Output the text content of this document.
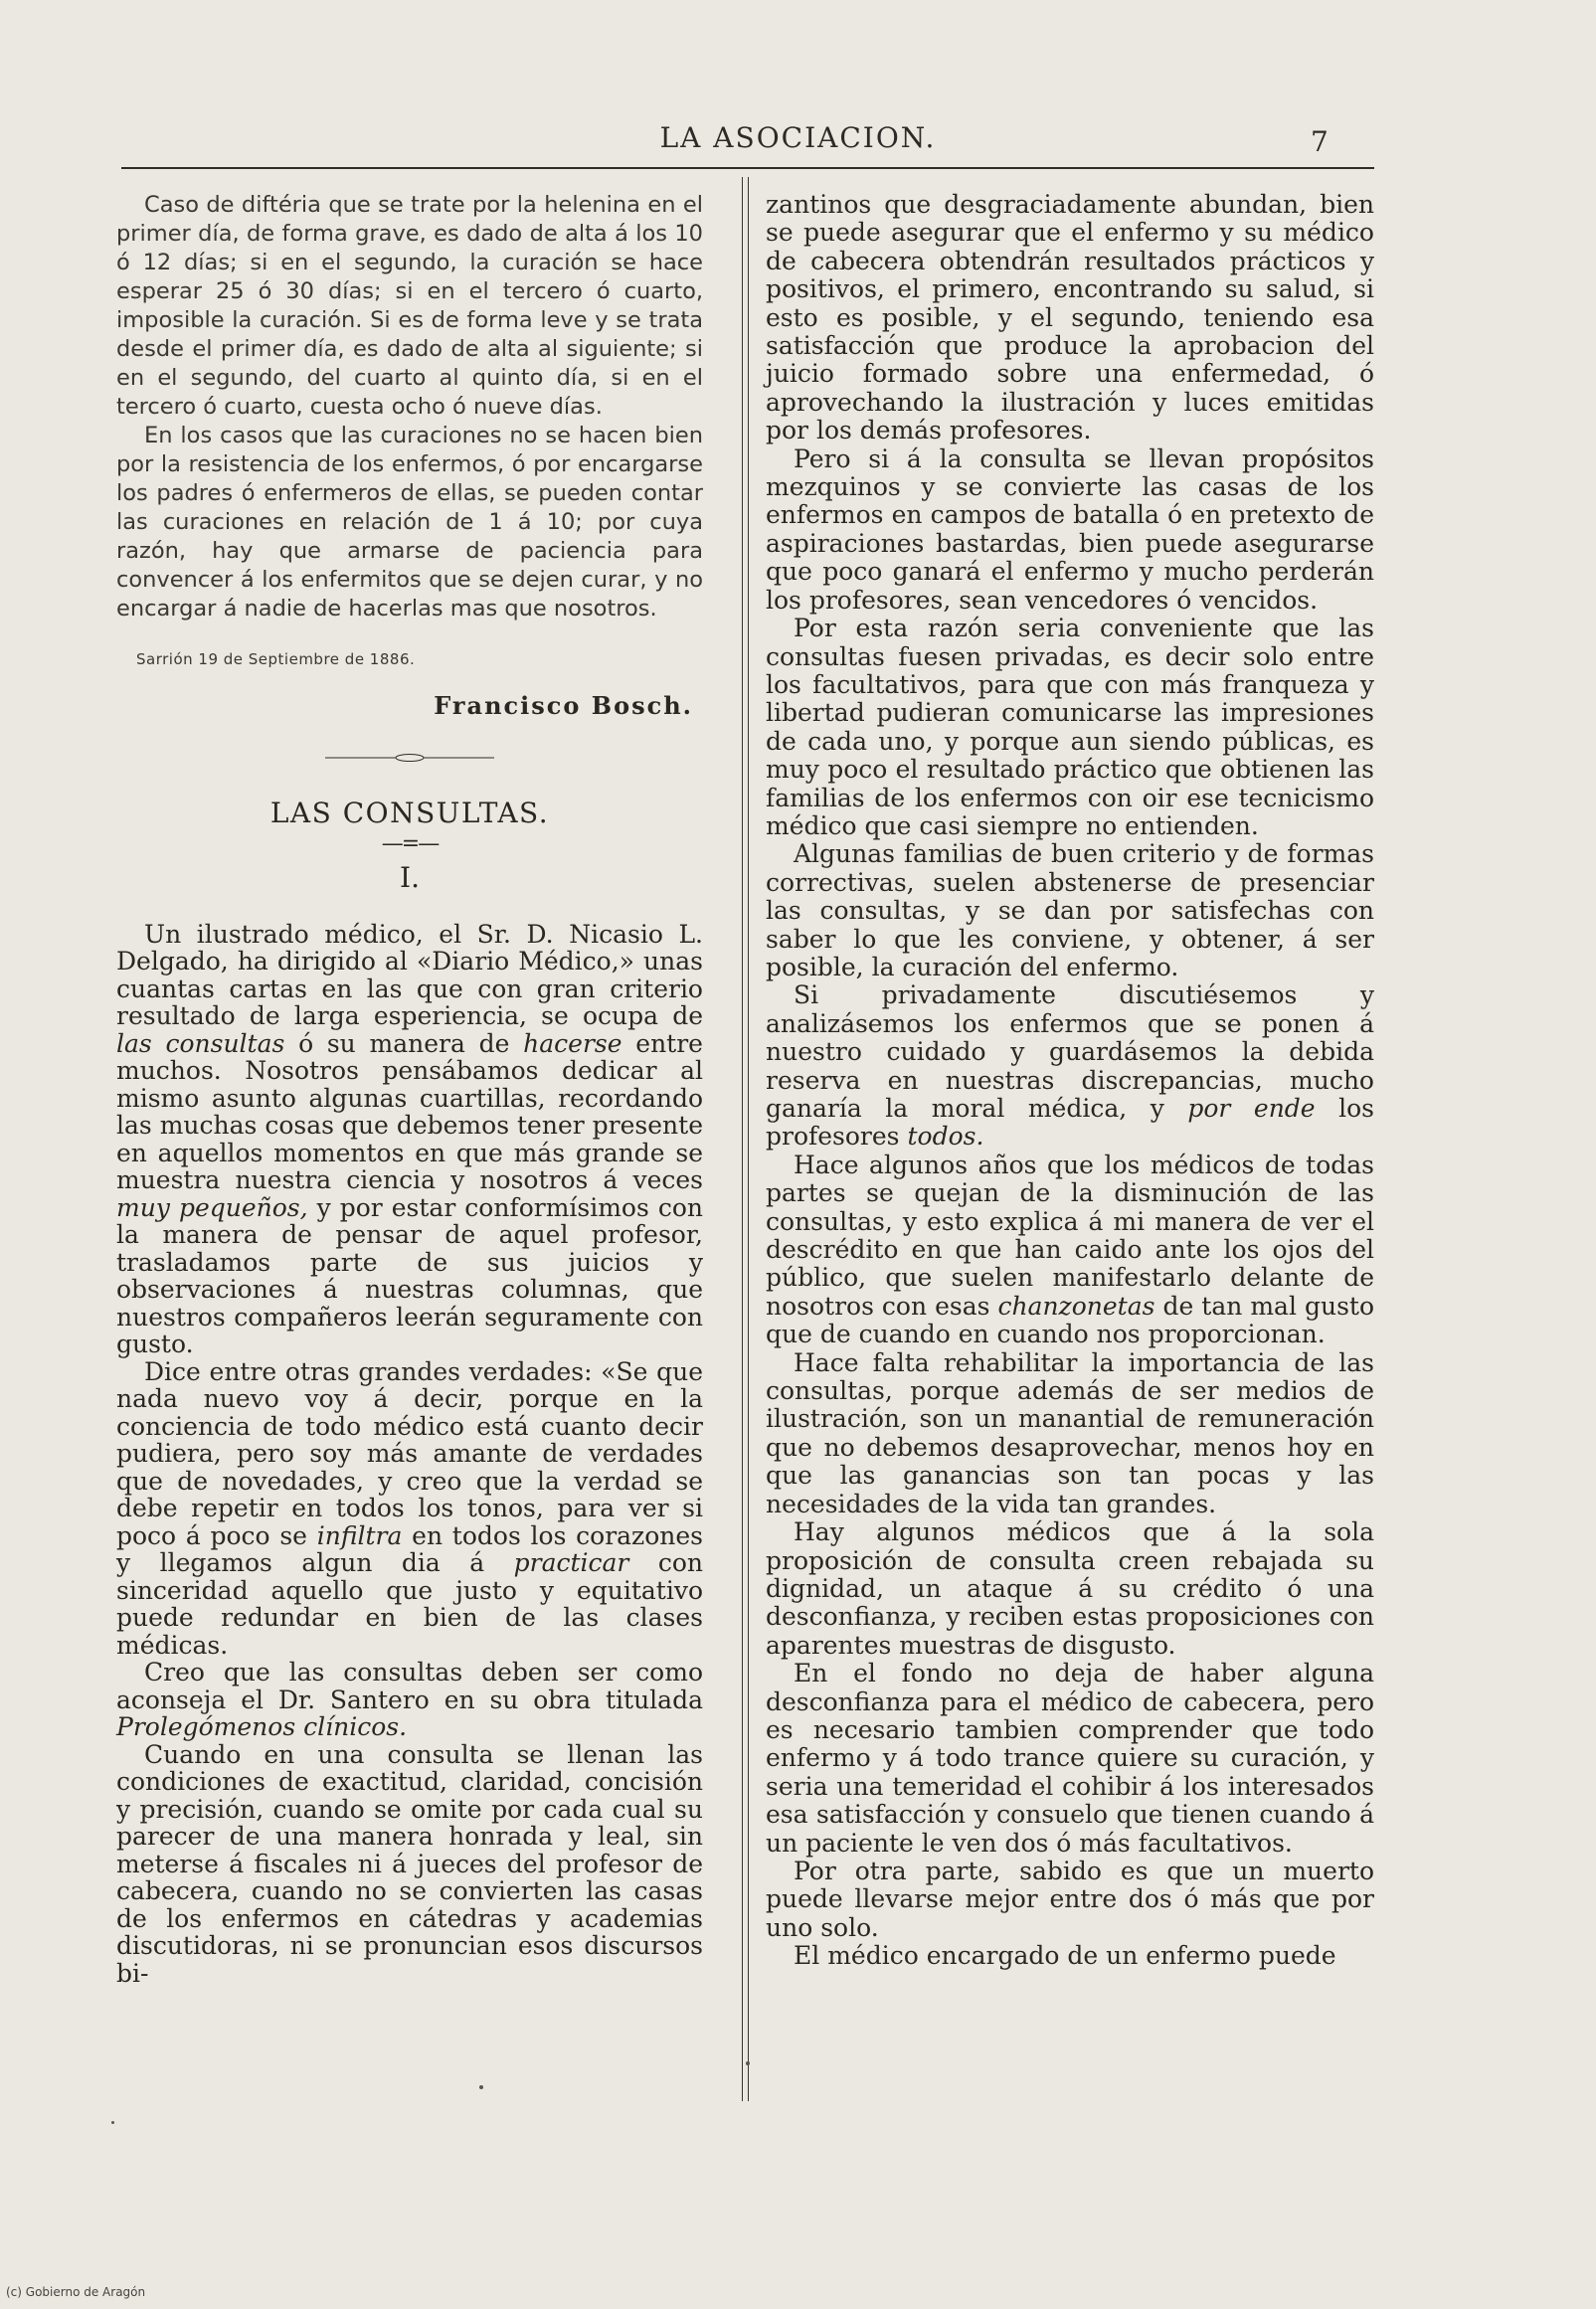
LA ASOCIACION.	7

Caso de diftéria que se trate por la helenina en el primer día, de forma grave, es dado de alta á los 10 ó 12 días; si en el segundo, la curación se hace esperar 25 ó 30 días; si en el tercero ó cuarto, imposible la curación. Si es de forma leve y se trata desde el primer día, es dado de alta al siguiente; si en el segundo, del cuarto al quinto día, si en el tercero ó cuarto, cuesta ocho ó nueve días.

En los casos que las curaciones no se hacen bien por la resistencia de los enfermos, ó por encargarse los padres ó enfermeros de ellas, se pueden contar las curaciones en relación de 1 á 10; por cuya razón, hay que armarse de paciencia para convencer á los enfermitos que se dejen curar, y no encargar á nadie de hacerlas mas que nosotros.

Sarrión 19 de Septiembre de 1886.
Francisco Bosch.
LAS CONSULTAS.
—=—
I.

Un ilustrado médico, el Sr. D. Nicasio L. Delgado, ha dirigido al «Diario Médico,» unas cuantas cartas en las que con gran criterio resultado de larga esperiencia, se ocupa de las consultas ó su manera de hacerse entre muchos. Nosotros pensábamos dedicar al mismo asunto algunas cuartillas, recordando las muchas cosas que debemos tener presente en aquellos momentos en que más grande se muestra nuestra ciencia y nosotros á veces muy pequeños, y por estar conformísimos con la manera de pensar de aquel profesor, trasladamos parte de sus juicios y observaciones á nuestras columnas, que nuestros compañeros leerán seguramente con gusto.

Dice entre otras grandes verdades: «Se que nada nuevo voy á decir, porque en la conciencia de todo médico está cuanto decir pudiera, pero soy más amante de verdades que de novedades, y creo que la verdad se debe repetir en todos los tonos, para ver si poco á poco se infiltra en todos los corazones y llegamos algun dia á practicar con sinceridad aquello que justo y equitativo puede redundar en bien de las clases médicas.

Creo que las consultas deben ser como aconseja el Dr. Santero en su obra titulada Prolegómenos clínicos.

Cuando en una consulta se llenan las condiciones de exactitud, claridad, concisión y precisión, cuando se omite por cada cual su parecer de una manera honrada y leal, sin meterse á fiscales ni á jueces del profesor de cabecera, cuando no se convierten las casas de los enfermos en cátedras y academias discutidoras, ni se pronuncian esos discursos bi-

zantinos que desgraciadamente abundan, bien se puede asegurar que el enfermo y su médico de cabecera obtendrán resultados prácticos y positivos, el primero, encontrando su salud, si esto es posible, y el segundo, teniendo esa satisfacción que produce la aprobacion del juicio formado sobre una enfermedad, ó aprovechando la ilustración y luces emitidas por los demás profesores.

Pero si á la consulta se llevan propósitos mezquinos y se convierte las casas de los enfermos en campos de batalla ó en pretexto de aspiraciones bastardas, bien puede asegurarse que poco ganará el enfermo y mucho perderán los profesores, sean vencedores ó vencidos.

Por esta razón seria conveniente que las consultas fuesen privadas, es decir solo entre los facultativos, para que con más franqueza y libertad pudieran comunicarse las impresiones de cada uno, y porque aun siendo públicas, es muy poco el resultado práctico que obtienen las familias de los enfermos con oir ese tecnicismo médico que casi siempre no entienden.

Algunas familias de buen criterio y de formas correctivas, suelen abstenerse de presenciar las consultas, y se dan por satisfechas con saber lo que les conviene, y obtener, á ser posible, la curación del enfermo.

Si privadamente discutiésemos y analizásemos los enfermos que se ponen á nuestro cuidado y guardásemos la debida reserva en nuestras discrepancias, mucho ganaría la moral médica, y por ende los profesores todos.

Hace algunos años que los médicos de todas partes se quejan de la disminución de las consultas, y esto explica á mi manera de ver el descrédito en que han caido ante los ojos del público, que suelen manifestarlo delante de nosotros con esas chanzonetas de tan mal gusto que de cuando en cuando nos proporcionan.

Hace falta rehabilitar la importancia de las consultas, porque además de ser medios de ilustración, son un manantial de remuneración que no debemos desaprovechar, menos hoy en que las ganancias son tan pocas y las necesidades de la vida tan grandes.

Hay algunos médicos que á la sola proposición de consulta creen rebajada su dignidad, un ataque á su crédito ó una desconfianza, y reciben estas proposiciones con aparentes muestras de disgusto.

En el fondo no deja de haber alguna desconfianza para el médico de cabecera, pero es necesario tambien comprender que todo enfermo y á todo trance quiere su curación, y seria una temeridad el cohibir á los interesados esa satisfacción y consuelo que tienen cuando á un paciente le ven dos ó más facultativos.

Por otra parte, sabido es que un muerto puede llevarse mejor entre dos ó más que por uno solo.

El médico encargado de un enfermo puede

(c) Gobierno de Aragón
